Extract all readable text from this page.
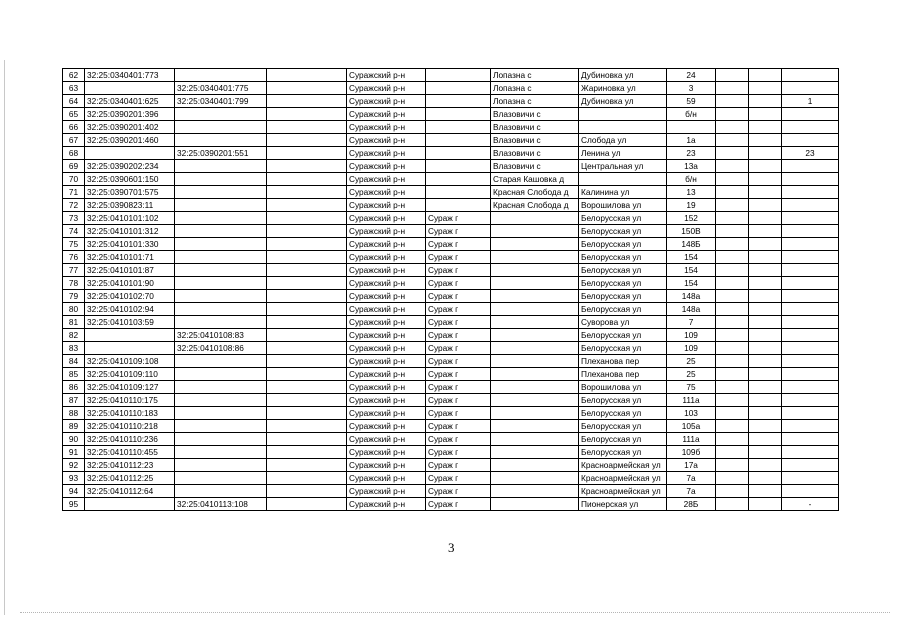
62	32:25:0340401:773			Суражский р-н		Лопазна с	Дубиновка ул	24			
63		32:25:0340401:775		Суражский р-н		Лопазна с	Жариновка ул	3			
64	32:25:0340401:625	32:25:0340401:799		Суражский р-н		Лопазна с	Дубиновка ул	59			1
65	32:25:0390201:396			Суражский р-н		Влазовичи с		б/н			
66	32:25:0390201:402			Суражский р-н		Влазовичи с					
67	32:25:0390201:460			Суражский р-н		Влазовичи с	Слобода ул	1а			
68		32:25:0390201:551		Суражский р-н		Влазовичи с	Ленина ул	23			23
69	32:25:0390202:234			Суражский р-н		Влазовичи с	Центральная ул	13а			
70	32:25:0390601:150			Суражский р-н		Старая Кашовка д		б/н			
71	32:25:0390701:575			Суражский р-н		Красная Слобода д	Калинина ул	13			
72	32:25:0390823:11			Суражский р-н		Красная Слобода д	Ворошилова ул	19			
73	32:25:0410101:102			Суражский р-н	Сураж г		Белорусская ул	152			
74	32:25:0410101:312			Суражский р-н	Сураж г		Белорусская ул	150В			
75	32:25:0410101:330			Суражский р-н	Сураж г		Белорусская ул	148Б			
76	32:25:0410101:71			Суражский р-н	Сураж г		Белорусская ул	154			
77	32:25:0410101:87			Суражский р-н	Сураж г		Белорусская ул	154			
78	32:25:0410101:90			Суражский р-н	Сураж г		Белорусская ул	154			
79	32:25:0410102:70			Суражский р-н	Сураж г		Белорусская ул	148а			
80	32:25:0410102:94			Суражский р-н	Сураж г		Белорусская ул	148а			
81	32:25:0410103:59			Суражский р-н	Сураж г		Суворова ул	7			
82		32:25:0410108:83		Суражский р-н	Сураж г		Белорусская ул	109			
83		32:25:0410108:86		Суражский р-н	Сураж г		Белорусская ул	109			
84	32:25:0410109:108			Суражский р-н	Сураж г		Плеханова пер	25			
85	32:25:0410109:110			Суражский р-н	Сураж г		Плеханова пер	25			
86	32:25:0410109:127			Суражский р-н	Сураж г		Ворошилова ул	75			
87	32:25:0410110:175			Суражский р-н	Сураж г		Белорусская ул	111а			
88	32:25:0410110:183			Суражский р-н	Сураж г		Белорусская ул	103			
89	32:25:0410110:218			Суражский р-н	Сураж г		Белорусская ул	105а			
90	32:25:0410110:236			Суражский р-н	Сураж г		Белорусская ул	111а			
91	32:25:0410110:455			Суражский р-н	Сураж г		Белорусская ул	109б			
92	32:25:0410112:23			Суражский р-н	Сураж г		Красноармейская ул	17а			
93	32:25:0410112:25			Суражский р-н	Сураж г		Красноармейская ул	7а			
94	32:25:0410112:64			Суражский р-н	Сураж г		Красноармейская ул	7а			
95		32:25:0410113:108		Суражский р-н	Сураж г		Пионерская ул	28Б			-
3
